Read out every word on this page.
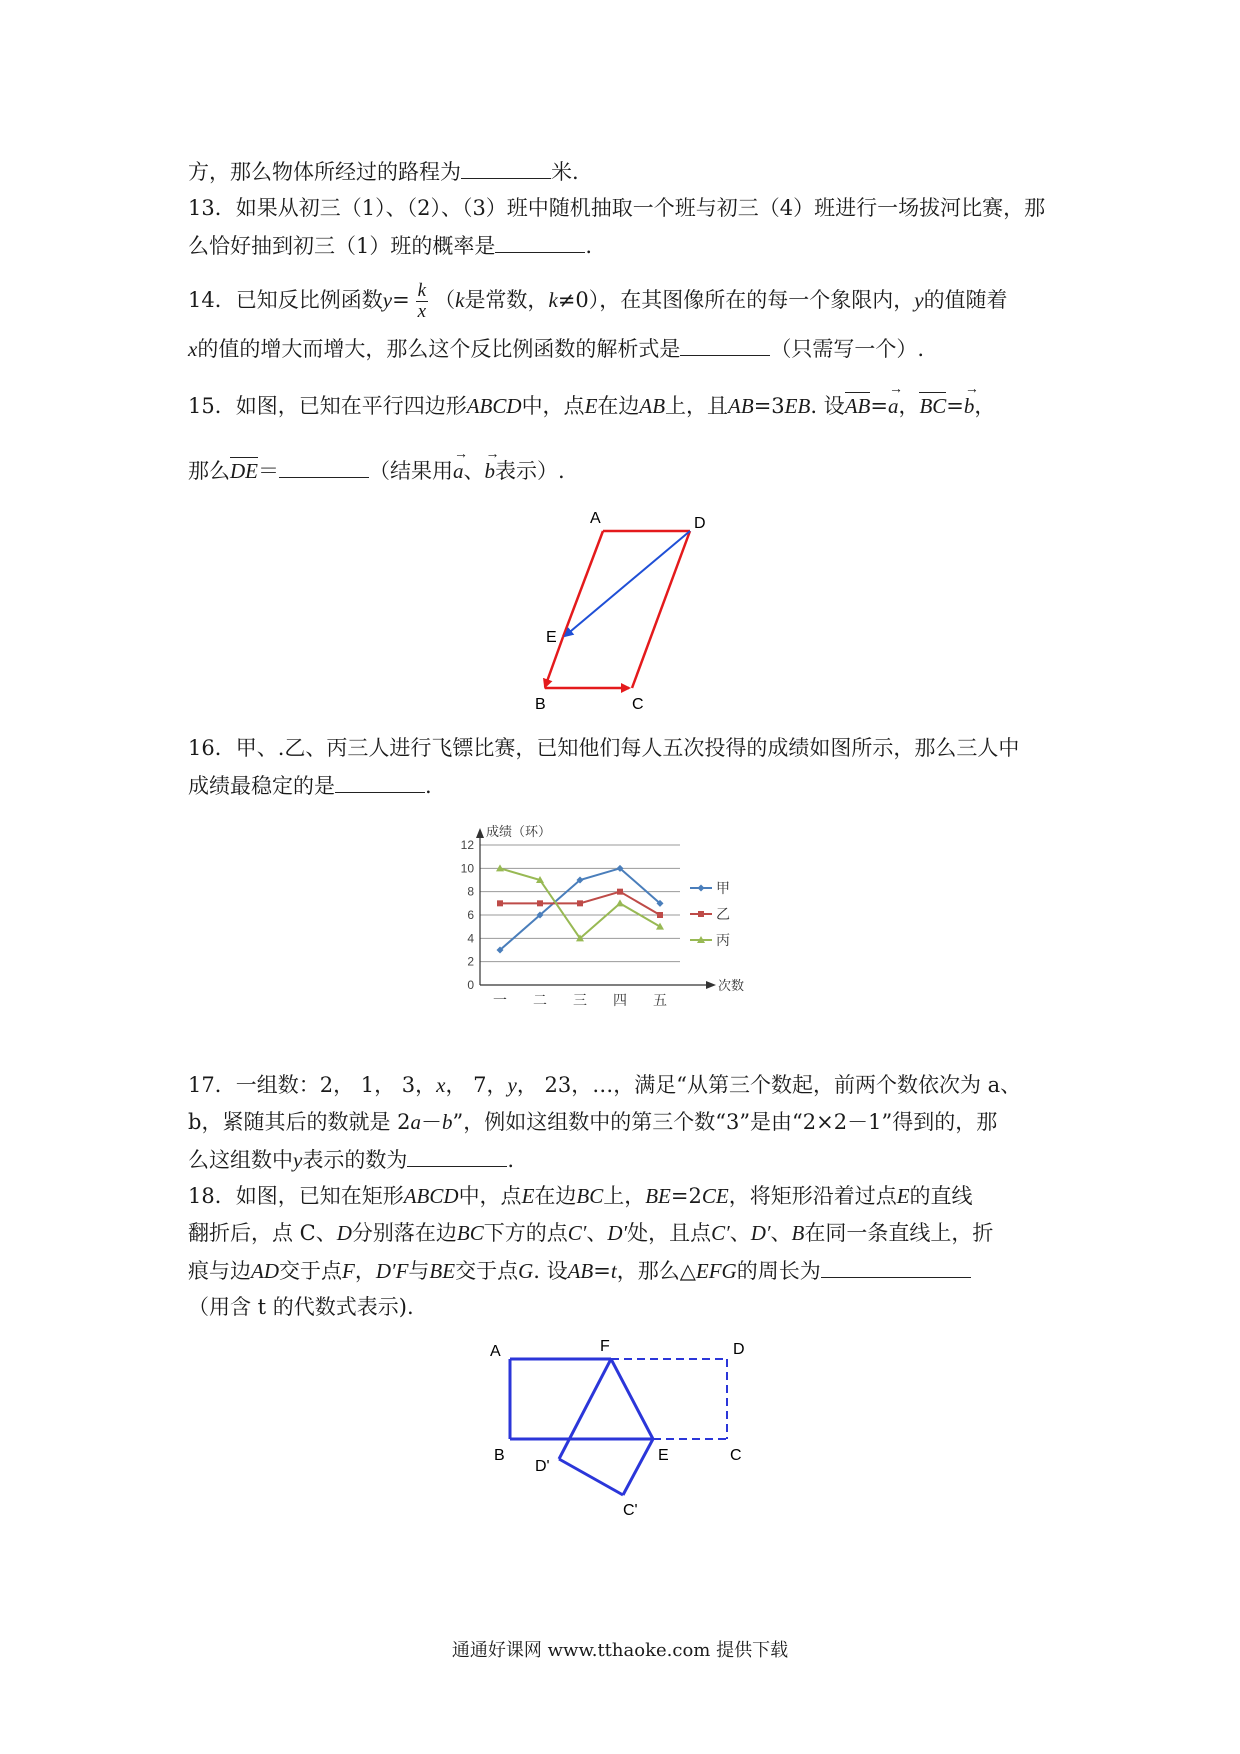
方，那么物体所经过的路程为	米.
13．如果从初三（1）、（2）、（3）班中随机抽取一个班与初三（4）班进行一场拔河比赛，那
么恰好抽到初三（1）班的概率是	.
14．已知反比例函数$y= \frac{k}{x} (k$是常数，k≠0），在其图像所在的每一个象限内，y的值随着
x的值的增大而增大，那么这个反比例函数的解析式是	（只需写一个）.
15．如图，已知在平行四边形ABCD中，点E在边AB上，且AB=3EB. 设AB=→ a，BC=→ b，
那么DE＝	（结果用→ a、→ b表示）.
A	D
E
B	C
16．甲、.乙、丙三人进行飞镖比赛，已知他们每人五次投得的成绩如图所示，那么三人中
成绩最稳定的是	.
0
2
4
6
8
10
12
成绩（环）
次数
一 二 三 四 五
甲
乙
丙
17．一组数：2， 1， 3，x， 7，y， 23，…，满足“从第三个数起，前两个数依次为 a、
b，紧随其后的数就是 2a－b”，例如这组数中的第三个数“3”是由“2×2－1”得到的，那
么这组数中y表示的数为	.
18．如图，已知在矩形ABCD中，点E在边BC上，BE=2CE，将矩形沿着过点E的直线
翻折后，点 C、D分别落在边BC下方的点C′、D′处，且点C′、D′、B在同一条直线上，折
痕与边AD交于点F，D′F与BE交于点G. 设AB=t，那么△EFG的周长为
（用含 t 的代数式表示).
A	F	D
B	E	C
D'
C'
通通好课网 www.tthaoke.com 提供下载
